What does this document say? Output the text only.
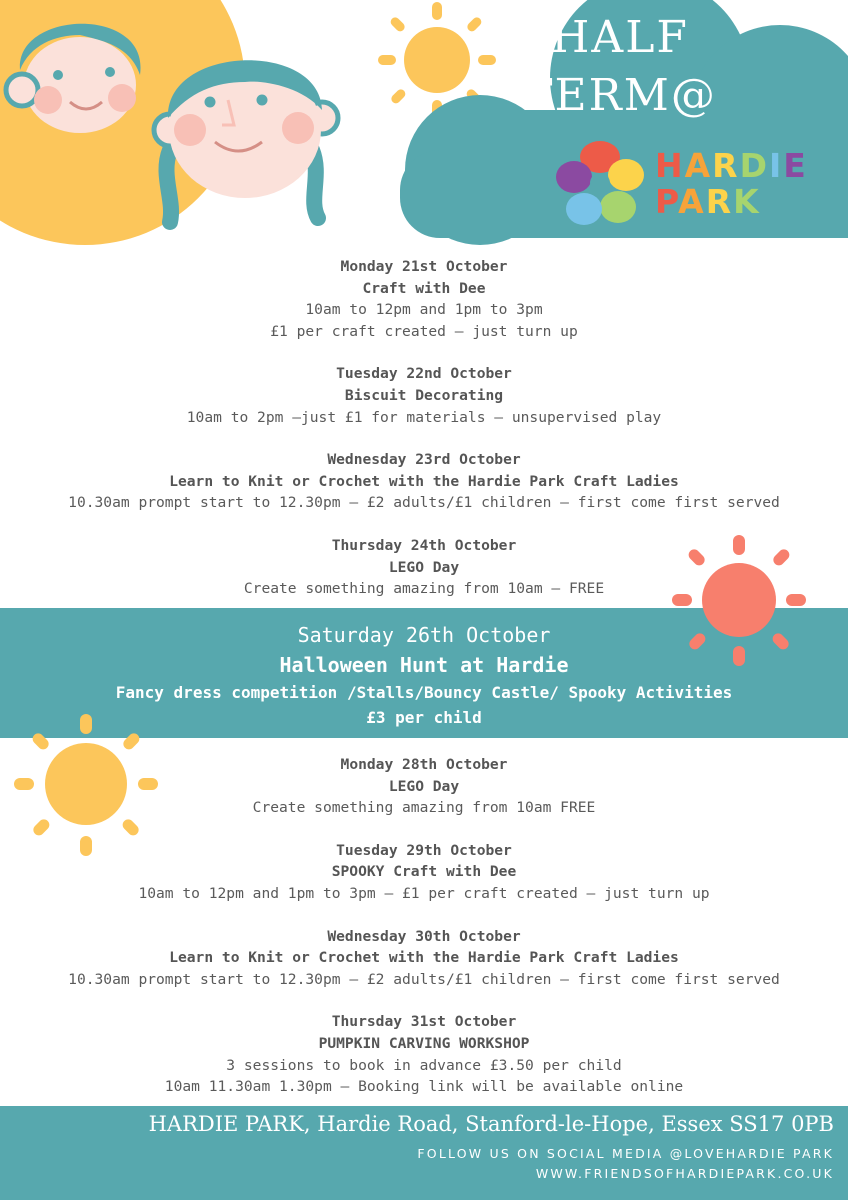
HALF
TERM@
HARDIE
PARK
Monday 21st October
Craft with Dee
10am to 12pm and 1pm to 3pm
£1 per craft created – just turn up
Tuesday 22nd October
Biscuit Decorating
10am to 2pm –just £1 for materials – unsupervised play
Wednesday 23rd October
Learn to Knit or Crochet with the Hardie Park Craft Ladies
10.30am prompt start to 12.30pm – £2 adults/£1 children – first come first served
Thursday 24th October
LEGO Day
Create something amazing from 10am – FREE
Saturday 26th October
Halloween Hunt at Hardie
Fancy dress competition /Stalls/Bouncy Castle/ Spooky Activities
£3 per child
Monday 28th October
LEGO Day
Create something amazing from 10am FREE
Tuesday 29th October
SPOOKY Craft with Dee
10am to 12pm and 1pm to 3pm – £1 per craft created – just turn up
Wednesday 30th October
Learn to Knit or Crochet with the Hardie Park Craft Ladies
10.30am prompt start to 12.30pm – £2 adults/£1 children – first come first served
Thursday 31st October
PUMPKIN CARVING WORKSHOP
3 sessions to book in advance £3.50 per child
10am 11.30am 1.30pm – Booking link will be available online
HARDIE PARK, Hardie Road, Stanford-le-Hope, Essex SS17 0PB
FOLLOW US ON SOCIAL MEDIA @LOVEHARDIE PARK
WWW.FRIENDSOFHARDIEPARK.CO.UK
